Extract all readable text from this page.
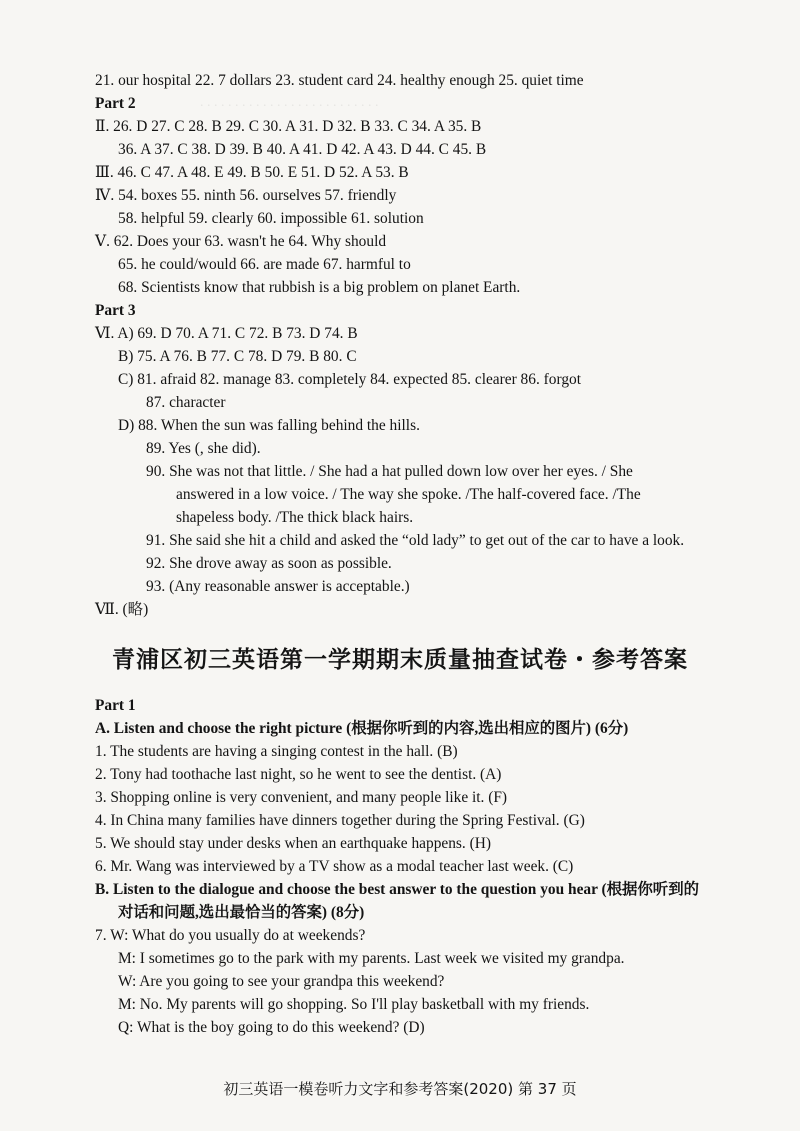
. . . . . . . . . . . . . . . . . . . . . . . . . .
21. our hospital 22. 7 dollars 23. student card 24. healthy enough 25. quiet time
Part 2
Ⅱ. 26. D 27. C 28. B 29. C 30. A 31. D 32. B 33. C 34. A 35. B
36. A 37. C 38. D 39. B 40. A 41. D 42. A 43. D 44. C 45. B
Ⅲ. 46. C 47. A 48. E 49. B 50. E 51. D 52. A 53. B
Ⅳ. 54. boxes 55. ninth 56. ourselves 57. friendly
58. helpful 59. clearly 60. impossible 61. solution
Ⅴ. 62. Does your 63. wasn't he 64. Why should
65. he could/would 66. are made 67. harmful to
68. Scientists know that rubbish is a big problem on planet Earth.
Part 3
Ⅵ. A) 69. D 70. A 71. C 72. B 73. D 74. B
B) 75. A 76. B 77. C 78. D 79. B 80. C
C) 81. afraid 82. manage 83. completely 84. expected 85. clearer 86. forgot
87. character
D) 88. When the sun was falling behind the hills.
89. Yes (, she did).
90. She was not that little. / She had a hat pulled down low over her eyes. / She
answered in a low voice. / The way she spoke. /The half-covered face. /The
shapeless body. /The thick black hairs.
91. She said she hit a child and asked the “old lady” to get out of the car to have a look.
92. She drove away as soon as possible.
93. (Any reasonable answer is acceptable.)
Ⅶ. (略)
青浦区初三英语第一学期期末质量抽查试卷・参考答案
Part 1
A. Listen and choose the right picture (根据你听到的内容,选出相应的图片) (6分)
1. The students are having a singing contest in the hall. (B)
2. Tony had toothache last night, so he went to see the dentist. (A)
3. Shopping online is very convenient, and many people like it. (F)
4. In China many families have dinners together during the Spring Festival. (G)
5. We should stay under desks when an earthquake happens. (H)
6. Mr. Wang was interviewed by a TV show as a modal teacher last week. (C)
B. Listen to the dialogue and choose the best answer to the question you hear (根据你听到的
对话和问题,选出最恰当的答案) (8分)
7. W: What do you usually do at weekends?
M: I sometimes go to the park with my parents. Last week we visited my grandpa.
W: Are you going to see your grandpa this weekend?
M: No. My parents will go shopping. So I'll play basketball with my friends.
Q: What is the boy going to do this weekend? (D)
初三英语一模卷听力文字和参考答案(2020) 第 37 页
